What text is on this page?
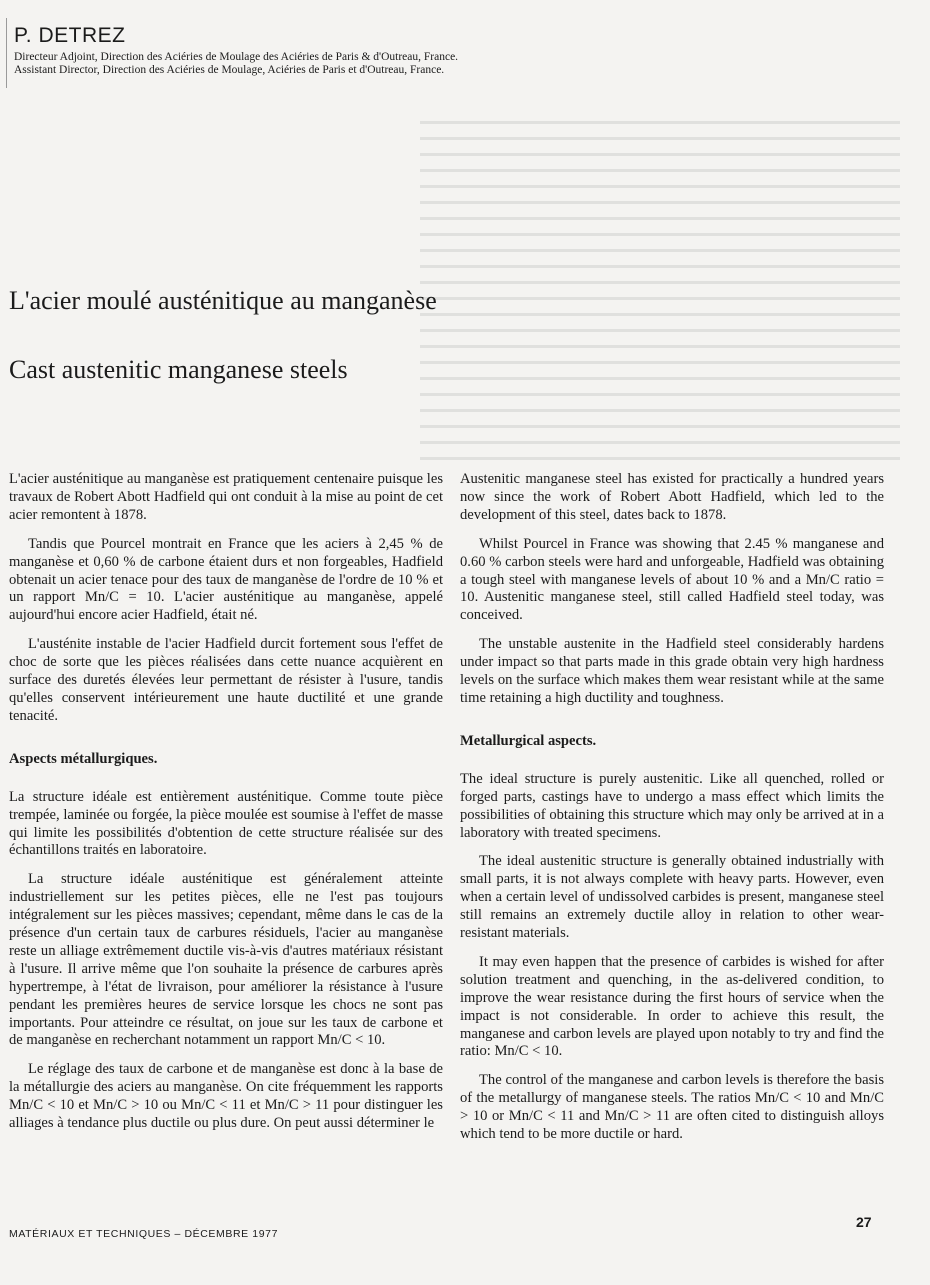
P. DETREZ

Directeur Adjoint, Direction des Aciéries de Moulage des Aciéries de Paris & d'Outreau, France.

Assistant Director, Direction des Aciéries de Moulage, Aciéries de Paris et d'Outreau, France.

L'acier moulé austénitique au manganèse
Cast austenitic manganese steels

L'acier austénitique au manganèse est pratiquement centenaire puisque les travaux de Robert Abott Hadfield qui ont conduit à la mise au point de cet acier remontent à 1878.

Tandis que Pourcel montrait en France que les aciers à 2,45 % de manganèse et 0,60 % de carbone étaient durs et non forgeables, Hadfield obtenait un acier tenace pour des taux de manganèse de l'ordre de 10 % et un rapport Mn/C = 10. L'acier austénitique au manganèse, appelé aujourd'hui encore acier Hadfield, était né.

L'austénite instable de l'acier Hadfield durcit fortement sous l'effet de choc de sorte que les pièces réalisées dans cette nuance acquièrent en surface des duretés élevées leur permettant de résister à l'usure, tandis qu'elles conservent intérieurement une haute ductilité et une grande tenacité.

Aspects métallurgiques.

La structure idéale est entièrement austénitique. Comme toute pièce trempée, laminée ou forgée, la pièce moulée est soumise à l'effet de masse qui limite les possibilités d'obtention de cette structure réalisée sur des échantillons traités en laboratoire.

La structure idéale austénitique est généralement atteinte industriellement sur les petites pièces, elle ne l'est pas toujours intégralement sur les pièces massives; cependant, même dans le cas de la présence d'un certain taux de carbures résiduels, l'acier au manganèse reste un alliage extrêmement ductile vis-à-vis d'autres matériaux résistant à l'usure. Il arrive même que l'on souhaite la présence de carbures après hypertrempe, à l'état de livraison, pour améliorer la résistance à l'usure pendant les premières heures de service lorsque les chocs ne sont pas importants. Pour atteindre ce résultat, on joue sur les taux de carbone et de manganèse en recherchant notamment un rapport Mn/C < 10.

Le réglage des taux de carbone et de manganèse est donc à la base de la métallurgie des aciers au manganèse. On cite fréquemment les rapports Mn/C < 10 et Mn/C > 10 ou Mn/C < 11 et Mn/C > 11 pour distinguer les alliages à tendance plus ductile ou plus dure. On peut aussi déterminer le

Austenitic manganese steel has existed for practically a hundred years now since the work of Robert Abott Hadfield, which led to the development of this steel, dates back to 1878.

Whilst Pourcel in France was showing that 2.45 % manganese and 0.60 % carbon steels were hard and unforgeable, Hadfield was obtaining a tough steel with manganese levels of about 10 % and a Mn/C ratio = 10. Austenitic manganese steel, still called Hadfield steel today, was conceived.

The unstable austenite in the Hadfield steel considerably hardens under impact so that parts made in this grade obtain very high hardness levels on the surface which makes them wear resistant while at the same time retaining a high ductility and toughness.

Metallurgical aspects.

The ideal structure is purely austenitic. Like all quenched, rolled or forged parts, castings have to undergo a mass effect which limits the possibilities of obtaining this structure which may only be arrived at in a laboratory with treated specimens.

The ideal austenitic structure is generally obtained industrially with small parts, it is not always complete with heavy parts. However, even when a certain level of undissolved carbides is present, manganese steel still remains an extremely ductile alloy in relation to other wear-resistant materials.

It may even happen that the presence of carbides is wished for after solution treatment and quenching, in the as-delivered condition, to improve the wear resistance during the first hours of service when the impact is not considerable. In order to achieve this result, the manganese and carbon levels are played upon notably to try and find the ratio: Mn/C < 10.

The control of the manganese and carbon levels is therefore the basis of the metallurgy of manganese steels. The ratios Mn/C < 10 and Mn/C > 10 or Mn/C < 11 and Mn/C > 11 are often cited to distinguish alloys which tend to be more ductile or hard.

MATÉRIAUX ET TECHNIQUES – DÉCEMBRE 1977
27
